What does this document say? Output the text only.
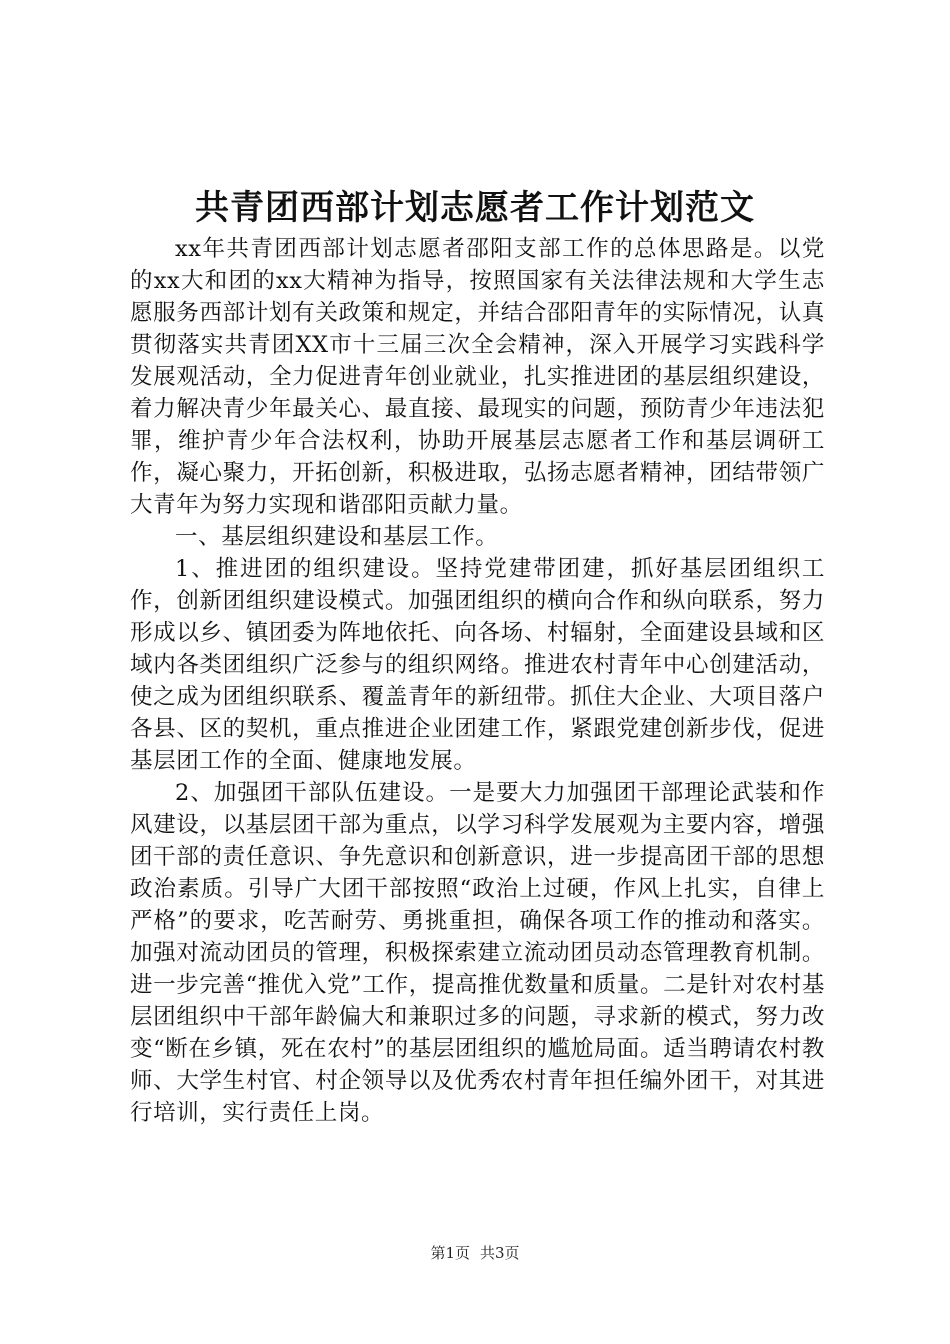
共青团西部计划志愿者工作计划范文

xx年共青团西部计划志愿者邵阳支部工作的总体思路是。以党的xx大和团的xx大精神为指导，按照国家有关法律法规和大学生志愿服务西部计划有关政策和规定，并结合邵阳青年的实际情况，认真贯彻落实共青团XX市十三届三次全会精神，深入开展学习实践科学发展观活动，全力促进青年创业就业，扎实推进团的基层组织建设，着力解决青少年最关心、最直接、最现实的问题，预防青少年违法犯罪，维护青少年合法权利，协助开展基层志愿者工作和基层调研工作，凝心聚力，开拓创新，积极进取，弘扬志愿者精神，团结带领广大青年为努力实现和谐邵阳贡献力量。

一、基层组织建设和基层工作。

1、推进团的组织建设。坚持党建带团建，抓好基层团组织工作，创新团组织建设模式。加强团组织的横向合作和纵向联系，努力形成以乡、镇团委为阵地依托、向各场、村辐射，全面建设县域和区域内各类团组织广泛参与的组织网络。推进农村青年中心创建活动，使之成为团组织联系、覆盖青年的新纽带。抓住大企业、大项目落户各县、区的契机，重点推进企业团建工作，紧跟党建创新步伐，促进基层团工作的全面、健康地发展。

2、加强团干部队伍建设。一是要大力加强团干部理论武装和作风建设，以基层团干部为重点，以学习科学发展观为主要内容，增强团干部的责任意识、争先意识和创新意识，进一步提高团干部的思想政治素质。引导广大团干部按照“政治上过硬，作风上扎实，自律上严格”的要求，吃苦耐劳、勇挑重担，确保各项工作的推动和落实。加强对流动团员的管理，积极探索建立流动团员动态管理教育机制。进一步完善“推优入党”工作，提高推优数量和质量。二是针对农村基层团组织中干部年龄偏大和兼职过多的问题，寻求新的模式，努力改变“断在乡镇，死在农村”的基层团组织的尴尬局面。适当聘请农村教师、大学生村官、村企领导以及优秀农村青年担任编外团干，对其进行培训，实行责任上岗。

第1页 共3页
